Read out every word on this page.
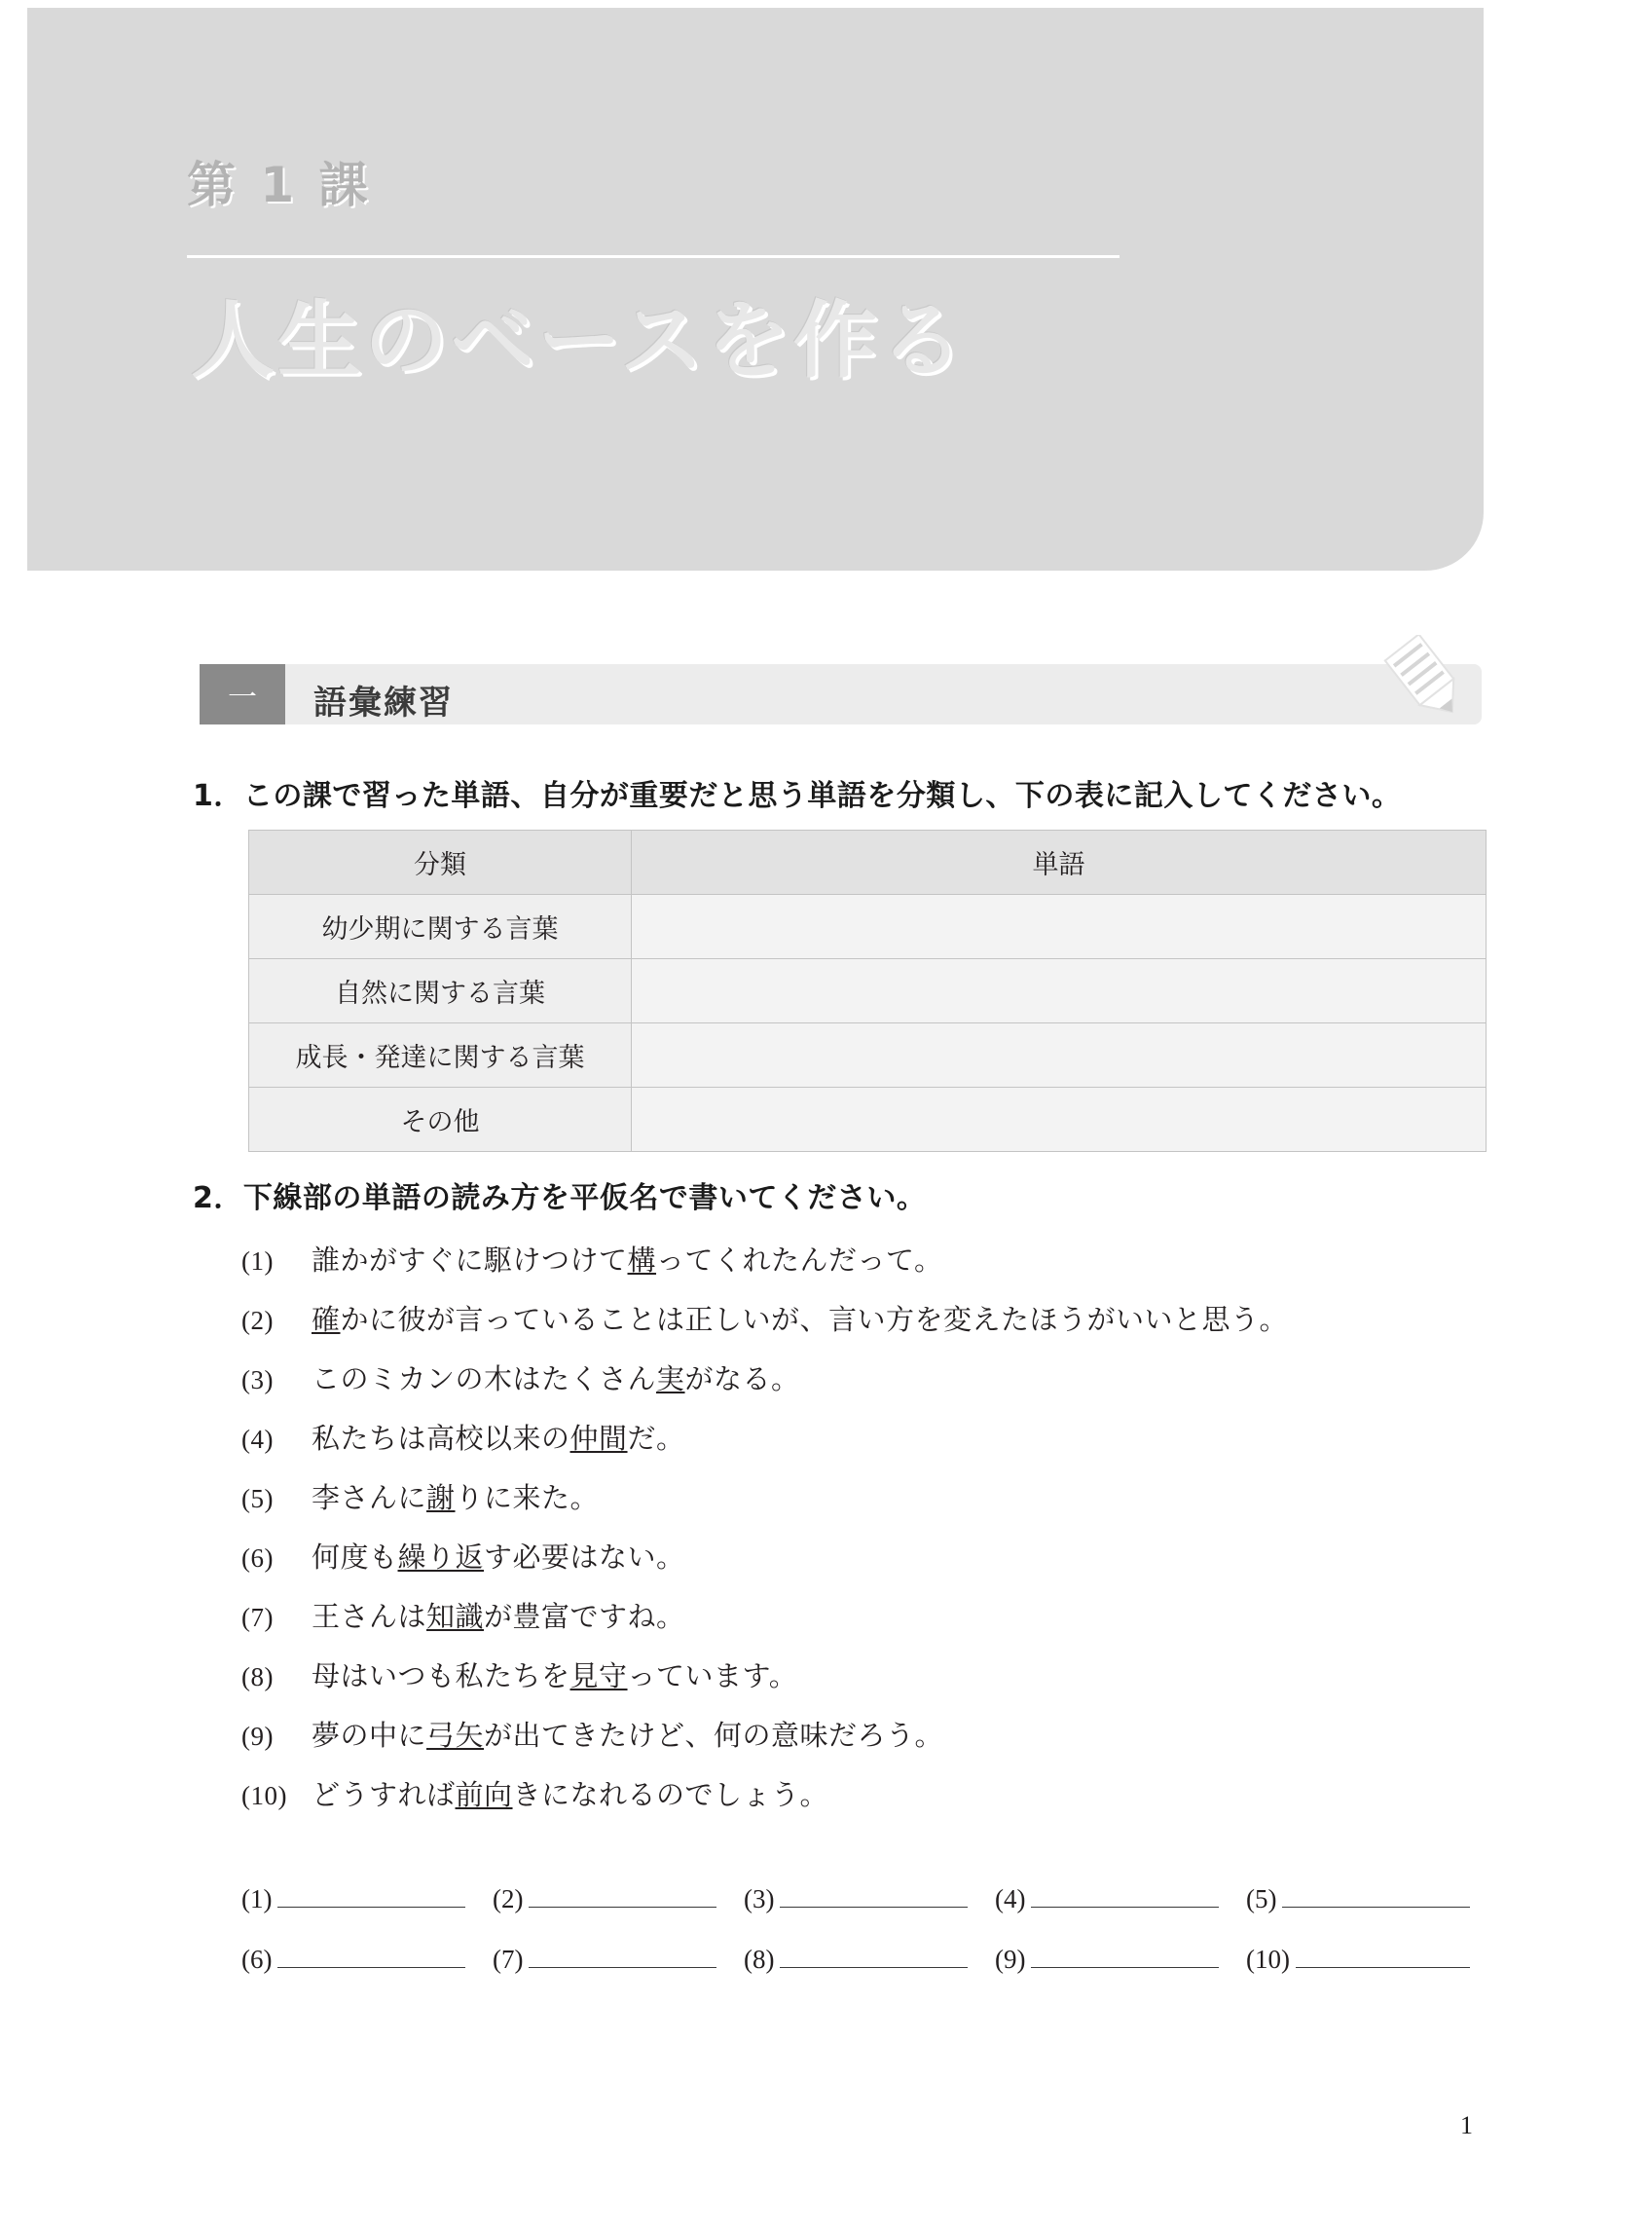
第 1 課
人生のベースを作る
一	語彙練習
1．この課で習った単語、自分が重要だと思う単語を分類し、下の表に記入してください。
分類	単語
幼少期に関する言葉	
自然に関する言葉	
成長・発達に関する言葉	
その他	
2．下線部の単語の読み方を平仮名で書いてください。
(1)	誰かがすぐに駆けつけて構ってくれたんだって。
(2)	確かに彼が言っていることは正しいが、言い方を変えたほうがいいと思う。
(3)	このミカンの木はたくさん実がなる。
(4)	私たちは高校以来の仲間だ。
(5)	李さんに謝りに来た。
(6)	何度も繰り返す必要はない。
(7)	王さんは知識が豊富ですね。
(8)	母はいつも私たちを見守っています。
(9)	夢の中に弓矢が出てきたけど、何の意味だろう。
(10) どうすれば前向きになれるのでしょう。
(1)	(2)	(3)	(4)	(5)
(6)	(7)	(8)	(9)	(10)
1
